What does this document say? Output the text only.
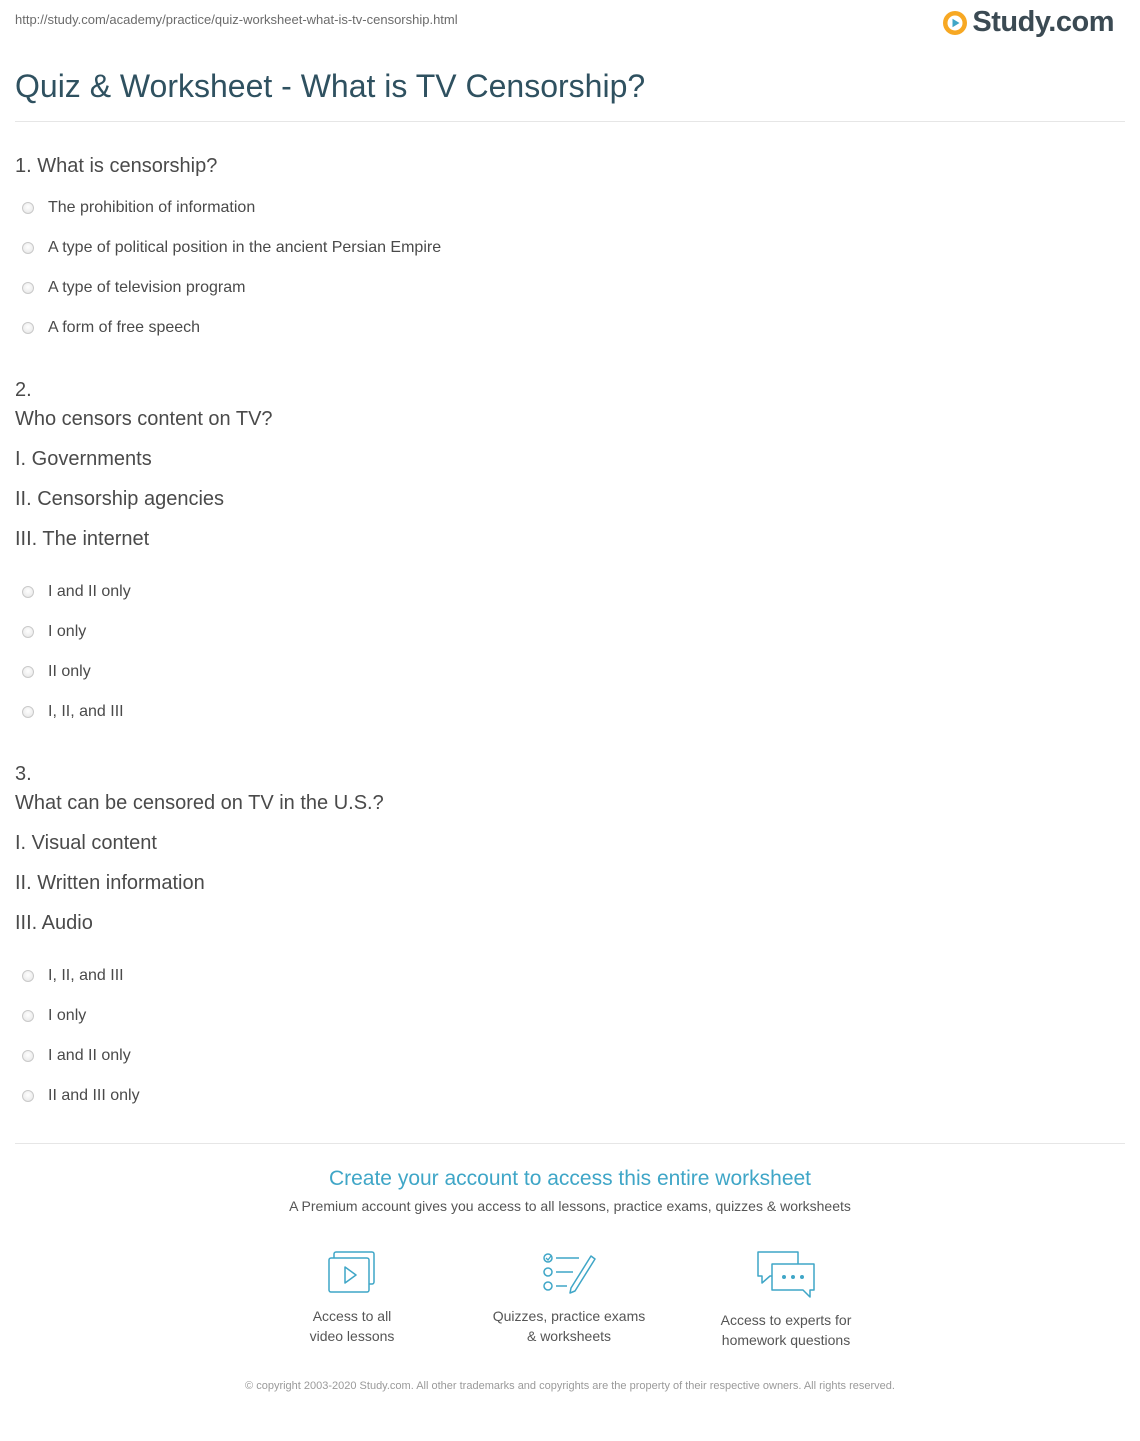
http://study.com/academy/practice/quiz-worksheet-what-is-tv-censorship.html	Study.com
Quiz & Worksheet - What is TV Censorship?

1. What is censorship?

The prohibition of information
A type of political position in the ancient Persian Empire
A type of television program
A form of free speech

2.

Who censors content on TV?

I. Governments

II. Censorship agencies

III. The internet

I and II only
I only
II only
I, II, and III

3.

What can be censored on TV in the U.S.?

I. Visual content

II. Written information

III. Audio

I, II, and III
I only
I and II only
II and III only
Create your account to access this entire worksheet
A Premium account gives you access to all lessons, practice exams, quizzes & worksheets
Access to all
video lessons
Quizzes, practice exams
& worksheets
Access to experts for
homework questions
© copyright 2003-2020 Study.com. All other trademarks and copyrights are the property of their respective owners. All rights reserved.
